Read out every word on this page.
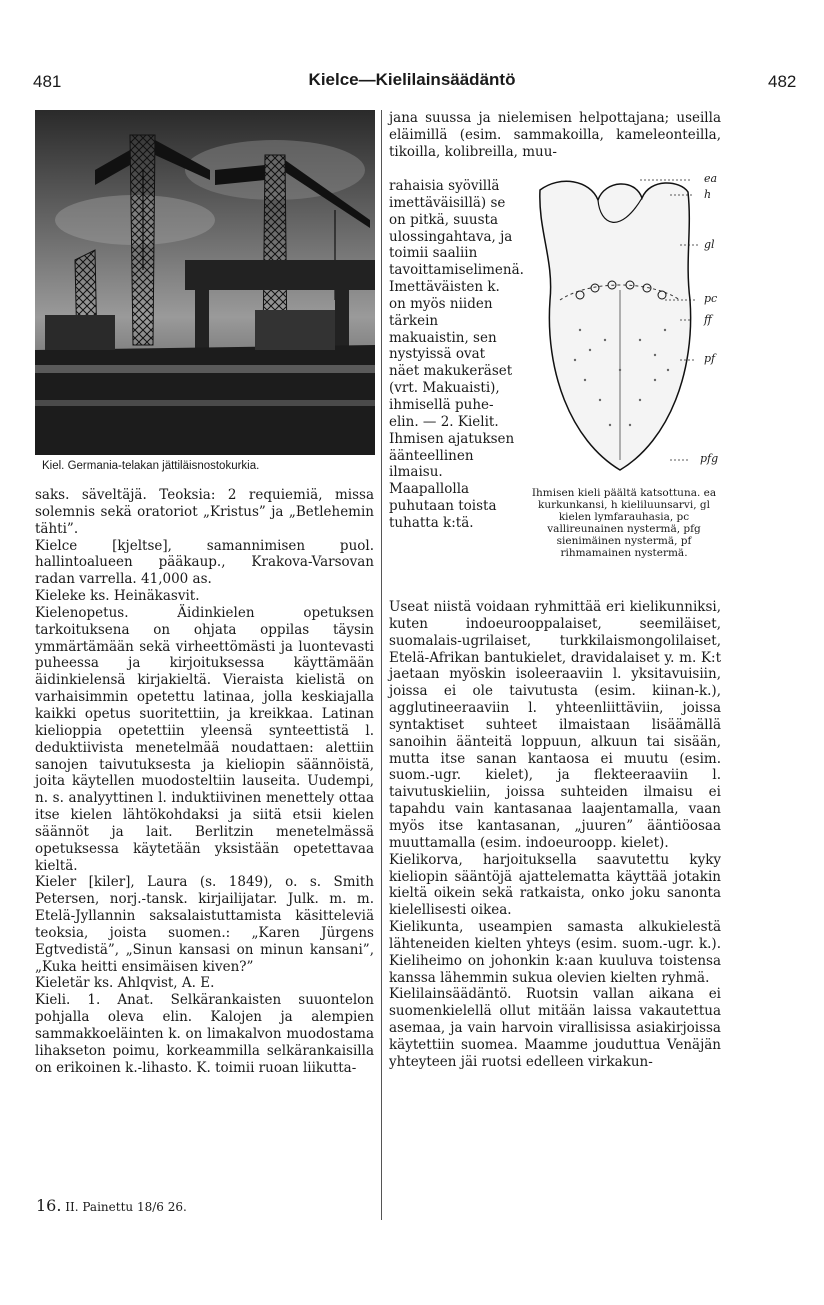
481	Kielce—Kielilainsäädäntö	482
Kiel. Germania-telakan jättiläisnostokurkia.

saks. säveltäjä. Teoksia: 2 requiemiä, missa solemnis sekä oratoriot „Kristus” ja „Betlehemin tähti”.

Kielce [kjeltse], samannimisen puol. hallintoalueen pääkaup., Krakova-Varsovan radan varrella. 41,000 as.

Kieleke ks. Heinäkasvit.

Kielenopetus. Äidinkielen opetuksen tarkoituksena on ohjata oppilas täysin ymmärtämään sekä virheettömästi ja luontevasti puheessa ja kirjoituksessa käyttämään äidinkielensä kirjakieltä. Vieraista kielistä on varhaisimmin opetettu latinaa, jolla keskiajalla kaikki opetus suoritettiin, ja kreikkaa. Latinan kielioppia opetettiin yleensä synteettistä l. deduktiivista menetelmää noudattaen: alettiin sanojen taivutuksesta ja kieliopin säännöistä, joita käytellen muodosteltiin lauseita. Uudempi, n. s. analyyttinen l. induktiivinen menettely ottaa itse kielen lähtökohdaksi ja siitä etsii kielen säännöt ja lait. Berlitzin menetelmässä opetuksessa käytetään yksistään opetettavaa kieltä.

Kieler [kiler], Laura (s. 1849), o. s. Smith Petersen, norj.-tansk. kirjailijatar. Julk. m. m. Etelä-Jyllannin saksalaistuttamista käsitteleviä teoksia, joista suomen.: „Karen Jürgens Egtvedistä”, „Sinun kansasi on minun kansani”, „Kuka heitti ensimäisen kiven?”

Kieletär ks. Ahlqvist, A. E.

Kieli. 1. Anat. Selkärankaisten suuontelon pohjalla oleva elin. Kalojen ja alempien sammakkoeläinten k. on limakalvon muodostama lihakseton poimu, korkeammilla selkärankaisilla on erikoinen k.-lihasto. K. toimii ruoan liikutta-

jana suussa ja nielemisen helpottajana; useilla eläimillä (esim. sammakoilla, kameleonteilla, tikoilla, kolibreilla, muu-

rahaisia syövillä imettäväisillä) se on pitkä, suusta ulossingahtava, ja toimii saaliin tavoittamiselimenä. Imettäväisten k. on myös niiden tärkein makuaistin, sen nystyissä ovat näet makukeräset (vrt. Makuaisti), ihmisellä puhe-elin. — 2. Kielit. Ihmisen ajatuksen äänteellinen ilmaisu. Maapallolla puhutaan toista tuhatta k:tä.

ea
h
gl
pc
ff
pf
pfg
Ihmisen kieli päältä katsottuna. ea kurkunkansi, h kieliluunsarvi, gl kielen lymfarauhasia, pc vallireunainen nystermä, pfg sienimäinen nystermä, pf rihmamainen nystermä.

Useat niistä voidaan ryhmittää eri kielikunniksi, kuten indoeurooppalaiset, seemiläiset, suomalais-ugrilaiset, turkkilaismongolilaiset, Etelä-Afrikan bantukielet, dravidalaiset y. m. K:t jaetaan myöskin isoleeraaviin l. yksitavuisiin, joissa ei ole taivutusta (esim. kiinan-k.), agglutineeraaviin l. yhteenliittäviin, joissa syntaktiset suhteet ilmaistaan lisäämällä sanoihin äänteitä loppuun, alkuun tai sisään, mutta itse sanan kantaosa ei muutu (esim. suom.-ugr. kielet), ja flekteeraaviin l. taivutuskieliin, joissa suhteiden ilmaisu ei tapahdu vain kantasanaa laajentamalla, vaan myös itse kantasanan, „juuren” ääntiöosaa muuttamalla (esim. indoeuroopp. kielet).

Kielikorva, harjoituksella saavutettu kyky kieliopin sääntöjä ajattelematta käyttää jotakin kieltä oikein sekä ratkaista, onko joku sanonta kielellisesti oikea.

Kielikunta, useampien samasta alkukielestä lähteneiden kielten yhteys (esim. suom.-ugr. k.). Kieliheimo on johonkin k:aan kuuluva toistensa kanssa lähemmin sukua olevien kielten ryhmä.

Kielilainsäädäntö. Ruotsin vallan aikana ei suomenkielellä ollut mitään laissa vakautettua asemaa, ja vain harvoin virallisissa asiakirjoissa käytettiin suomea. Maamme jouduttua Venäjän yhteyteen jäi ruotsi edelleen virkakun-

16. II. Painettu 18/6 26.
